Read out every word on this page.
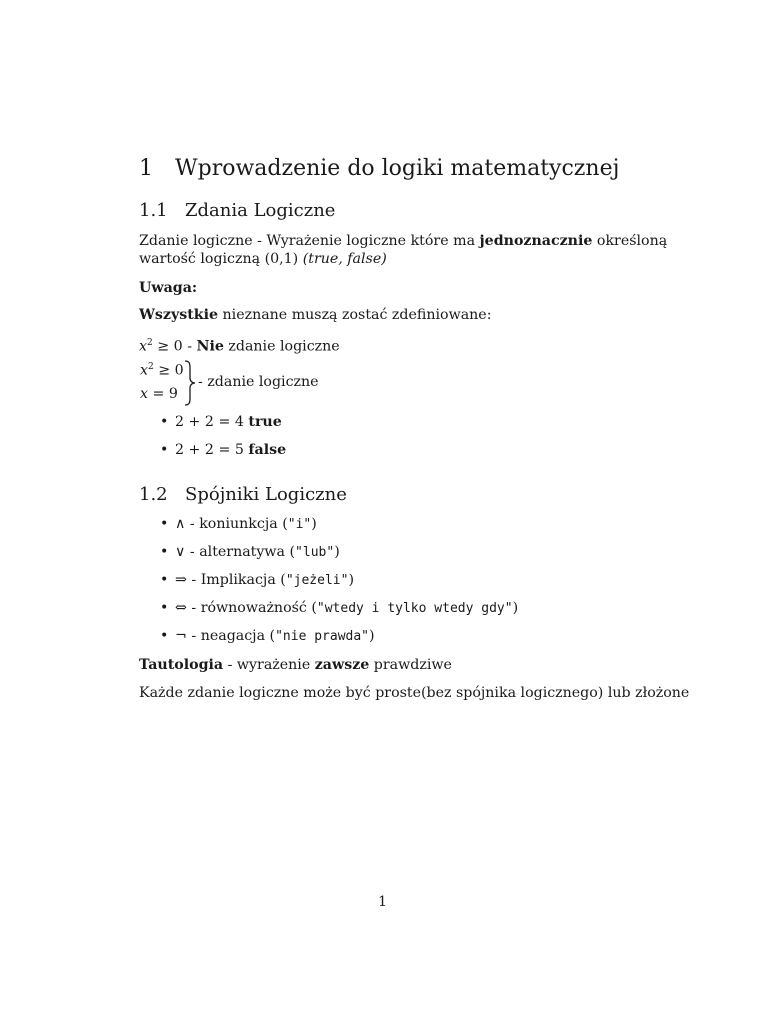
1 Wprowadzenie do logiki matematycznej
1.1 Zdania Logiczne
Zdanie logiczne - Wyrażenie logiczne które ma jednoznacznie określoną
wartość logiczną (0,1) (true, false)
Uwaga:
Wszystkie nieznane muszą zostać zdefiniowane:
$x^2 \ge 0$ - Nie zdanie logiczne
$x^2 \ge 0$
x = 9
- zdanie logiczne
• 2 + 2 = 4 true
• 2 + 2 = 5 false
1.2 Spójniki Logiczne
• ∧ - koniunkcja ("i")
• ∨ - alternatywa ("lub")
• ⇒ - Implikacja ("jeżeli")
• ⇔ - równoważność ("wtedy i tylko wtedy gdy")
• ¬ - neagacja ("nie prawda")
Tautologia - wyrażenie zawsze prawdziwe
Każde zdanie logiczne może być proste(bez spójnika logicznego) lub złożone
1
